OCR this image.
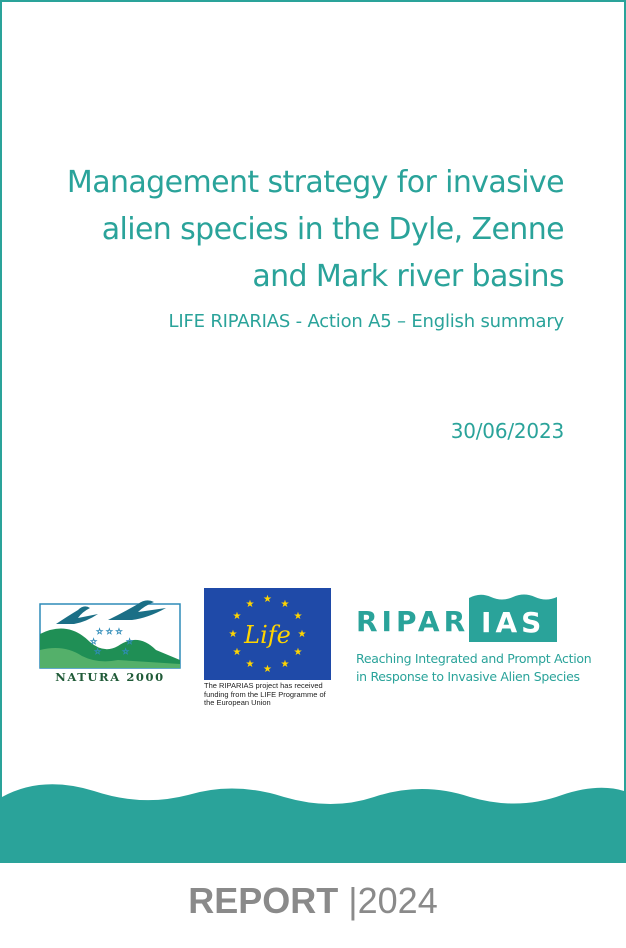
Management strategy for invasive
alien species in the Dyle, Zenne
and Mark river basins
LIFE RIPARIAS - Action A5 – English summary
30/06/2023
☆ ☆ ☆
☆	☆
☆	☆
NATURA 2000
★ ★
★
★
★
★
★
★
★
★
★
★
Life
The RIPARIAS project has received
funding from the LIFE Programme of
the European Union
RIPAR IAS
Reaching Integrated and Prompt Action
in Response to Invasive Alien Species
REPORT |2024
